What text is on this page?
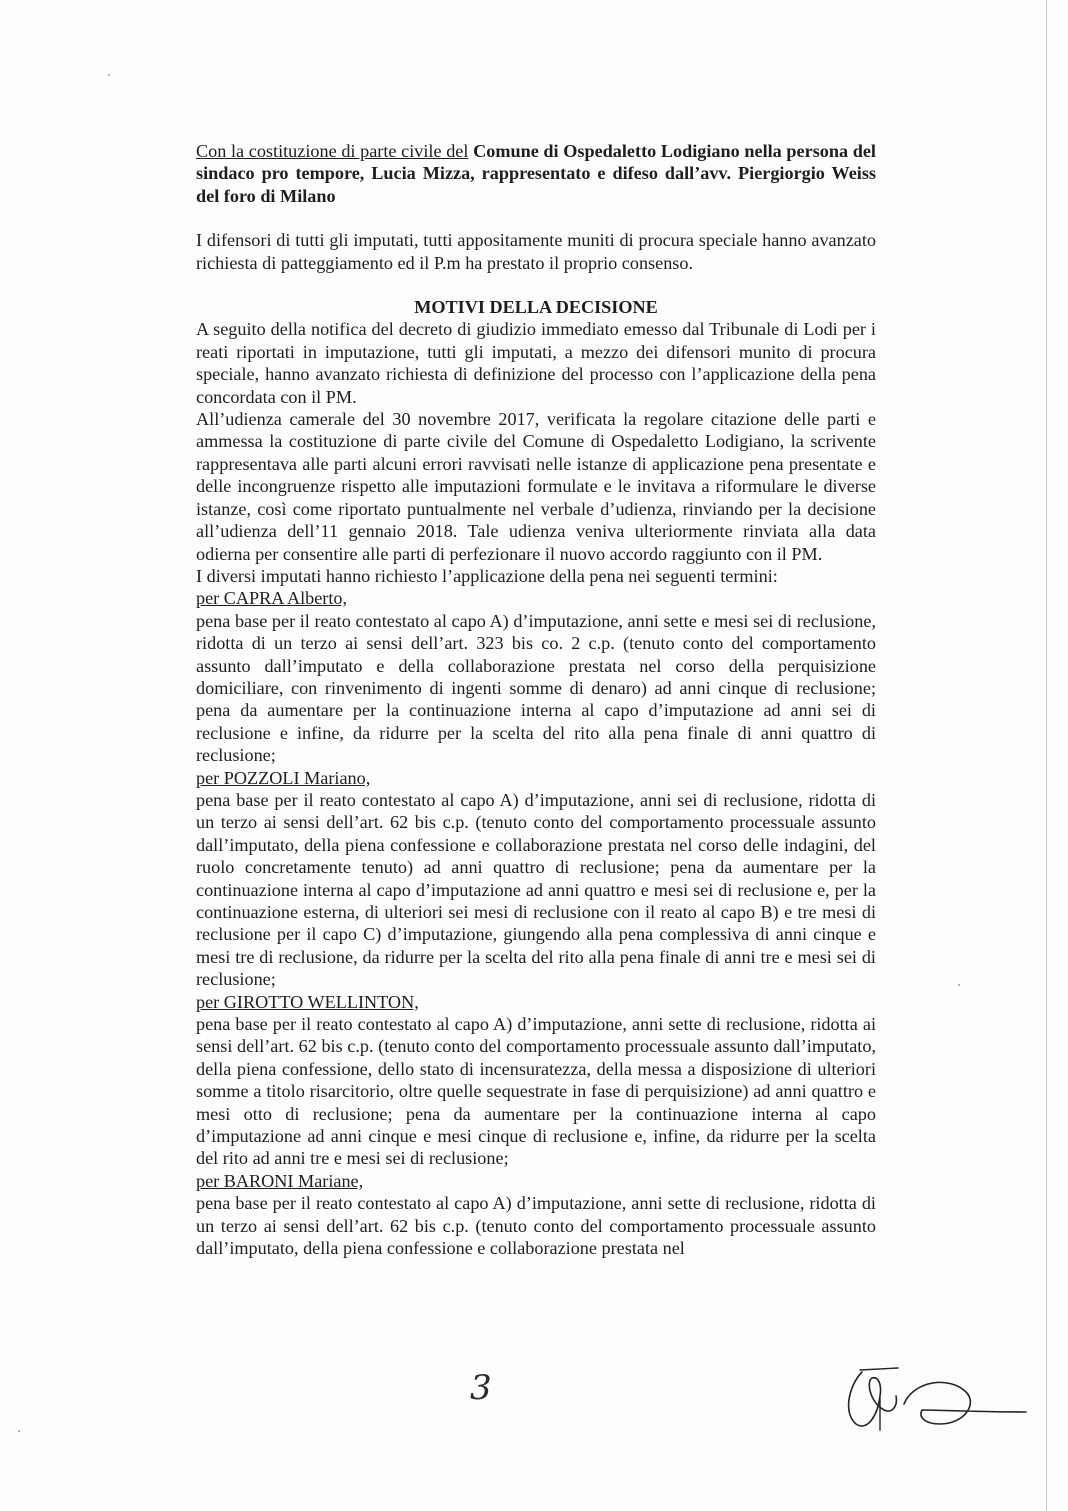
Con la costituzione di parte civile del Comune di Ospedaletto Lodigiano nella persona del sindaco pro tempore, Lucia Mizza, rappresentato e difeso dall’avv. Piergiorgio Weiss del foro di Milano

I difensori di tutti gli imputati, tutti appositamente muniti di procura speciale hanno avanzato richiesta di patteggiamento ed il P.m ha prestato il proprio consenso.

MOTIVI DELLA DECISIONE

A seguito della notifica del decreto di giudizio immediato emesso dal Tribunale di Lodi per i reati riportati in imputazione, tutti gli imputati, a mezzo dei difensori munito di procura speciale, hanno avanzato richiesta di definizione del processo con l’applicazione della pena concordata con il PM.

All’udienza camerale del 30 novembre 2017, verificata la regolare citazione delle parti e ammessa la costituzione di parte civile del Comune di Ospedaletto Lodigiano, la scrivente rappresentava alle parti alcuni errori ravvisati nelle istanze di applicazione pena presentate e delle incongruenze rispetto alle imputazioni formulate e le invitava a riformulare le diverse istanze, così come riportato puntualmente nel verbale d’udienza, rinviando per la decisione all’udienza dell’11 gennaio 2018. Tale udienza veniva ulteriormente rinviata alla data odierna per consentire alle parti di perfezionare il nuovo accordo raggiunto con il PM.

I diversi imputati hanno richiesto l’applicazione della pena nei seguenti termini:

per CAPRA Alberto,

pena base per il reato contestato al capo A) d’imputazione, anni sette e mesi sei di reclusione, ridotta di un terzo ai sensi dell’art. 323 bis co. 2 c.p. (tenuto conto del comportamento assunto dall’imputato e della collaborazione prestata nel corso della perquisizione domiciliare, con rinvenimento di ingenti somme di denaro) ad anni cinque di reclusione; pena da aumentare per la continuazione interna al capo d’imputazione ad anni sei di reclusione e infine, da ridurre per la scelta del rito alla pena finale di anni quattro di reclusione;

per POZZOLI Mariano,

pena base per il reato contestato al capo A) d’imputazione, anni sei di reclusione, ridotta di un terzo ai sensi dell’art. 62 bis c.p. (tenuto conto del comportamento processuale assunto dall’imputato, della piena confessione e collaborazione prestata nel corso delle indagini, del ruolo concretamente tenuto) ad anni quattro di reclusione; pena da aumentare per la continuazione interna al capo d’imputazione ad anni quattro e mesi sei di reclusione e, per la continuazione esterna, di ulteriori sei mesi di reclusione con il reato al capo B) e tre mesi di reclusione per il capo C) d’imputazione, giungendo alla pena complessiva di anni cinque e mesi tre di reclusione, da ridurre per la scelta del rito alla pena finale di anni tre e mesi sei di reclusione;

per GIROTTO WELLINTON,

pena base per il reato contestato al capo A) d’imputazione, anni sette di reclusione, ridotta ai sensi dell’art. 62 bis c.p. (tenuto conto del comportamento processuale assunto dall’imputato, della piena confessione, dello stato di incensuratezza, della messa a disposizione di ulteriori somme a titolo risarcitorio, oltre quelle sequestrate in fase di perquisizione) ad anni quattro e mesi otto di reclusione; pena da aumentare per la continuazione interna al capo d’imputazione ad anni cinque e mesi cinque di reclusione e, infine, da ridurre per la scelta del rito ad anni tre e mesi sei di reclusione;

per BARONI Mariane,

pena base per il reato contestato al capo A) d’imputazione, anni sette di reclusione, ridotta di un terzo ai sensi dell’art. 62 bis c.p. (tenuto conto del comportamento processuale assunto dall’imputato, della piena confessione e collaborazione prestata nel

3
